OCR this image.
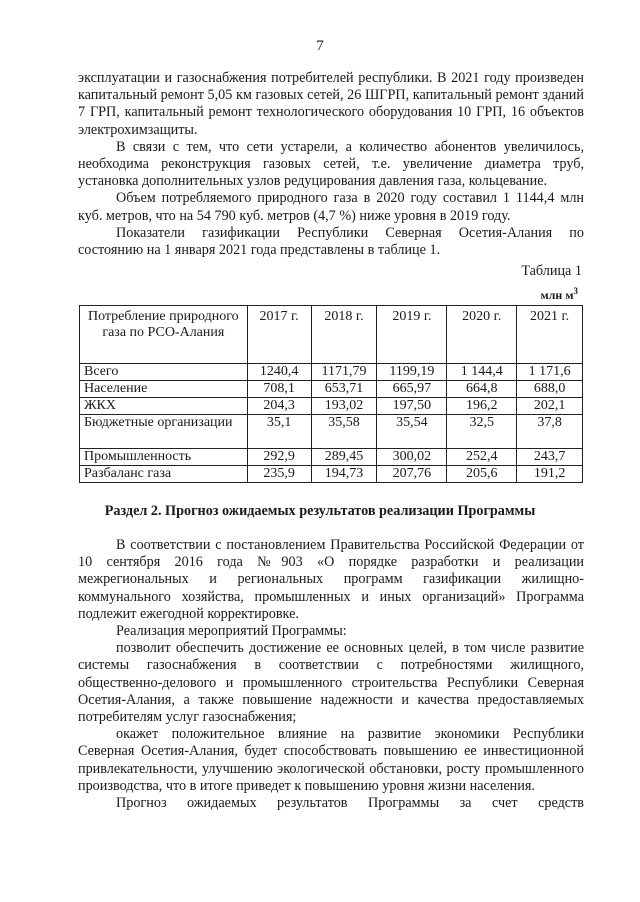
7

эксплуатации и газоснабжения потребителей республики. В 2021 году произведен капитальный ремонт 5,05 км газовых сетей, 26 ШГРП, капитальный ремонт зданий 7 ГРП, капитальный ремонт технологического оборудования 10 ГРП, 16 объектов электрохимзащиты.

В связи с тем, что сети устарели, а количество абонентов увеличилось, необходима реконструкция газовых сетей, т.е. увеличение диаметра труб, установка дополнительных узлов редуцирования давления газа, кольцевание.

Объем потребляемого природного газа в 2020 году составил 1 1144,4 млн куб. метров, что на 54 790 куб. метров (4,7 %) ниже уровня в 2019 году.

Показатели газификации Республики Северная Осетия-Алания по состоянию на 1 января 2021 года представлены в таблице 1.

Таблица 1
млн $м^3$
Потребление природного газа по РСО-Алания	2017 г.	2018 г.	2019 г.	2020 г.	2021 г.
Всего	1240,4	1171,79	1199,19	1 144,4	1 171,6
Население	708,1	653,71	665,97	664,8	688,0
ЖКХ	204,3	193,02	197,50	196,2	202,1
Бюджетные организации	35,1	35,58	35,54	32,5	37,8
Промышленность	292,9	289,45	300,02	252,4	243,7
Разбаланс газа	235,9	194,73	207,76	205,6	191,2
Раздел 2. Прогноз ожидаемых результатов реализации Программы

В соответствии с постановлением Правительства Российской Федерации от 10 сентября 2016 года №903 «О порядке разработки и реализации межрегиональных и региональных программ газификации жилищно-коммунального хозяйства, промышленных и иных организаций» Программа подлежит ежегодной корректировке.

Реализация мероприятий Программы:

позволит обеспечить достижение ее основных целей, в том числе развитие системы газоснабжения в соответствии с потребностями жилищного, общественно-делового и промышленного строительства Республики Северная Осетия-Алания, а также повышение надежности и качества предоставляемых потребителям услуг газоснабжения;

окажет положительное влияние на развитие экономики Республики Северная Осетия-Алания, будет способствовать повышению ее инвестиционной привлекательности, улучшению экологической обстановки, росту промышленного производства, что в итоге приведет к повышению уровня жизни населения.

Прогноз ожидаемых результатов Программы за счет средств
